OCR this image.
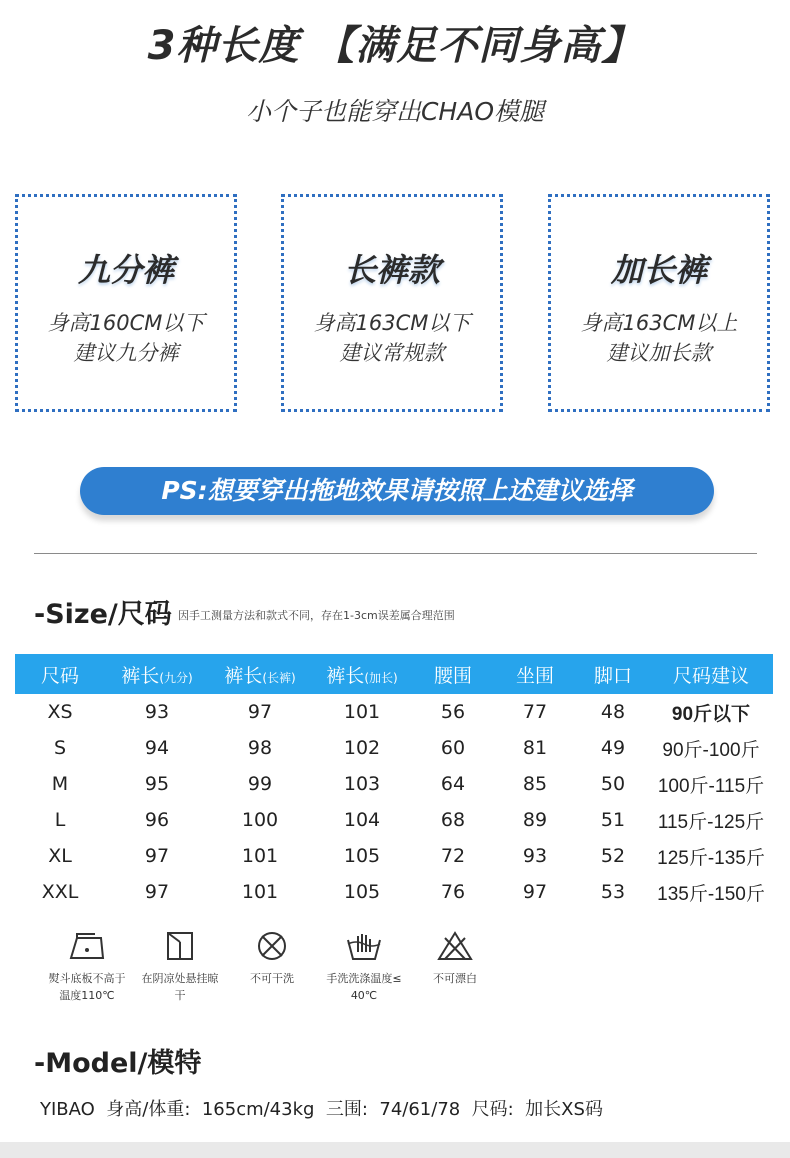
3种长度 【满足不同身高】
小个子也能穿出CHAO模腿
九分裤
身高160CM以下
建议九分裤
长裤款
身高163CM以下
建议常规款
加长裤
身高163CM以上
建议加长款
PS:想要穿出拖地效果请按照上述建议选择
-Size/尺码 因手工测量方法和款式不同，存在1-3cm误差属合理范围
尺码	裤长(九分)	裤长(长裤)	裤长(加长)	腰围	坐围	脚口	尺码建议
XS	93	97	101	56	77	48	90斤以下
S	94	98	102	60	81	49	90斤-100斤
M	95	99	103	64	85	50	100斤-115斤
L	96	100	104	68	89	51	115斤-125斤
XL	97	101	105	72	93	52	125斤-135斤
XXL	97	101	105	76	97	53	135斤-150斤
熨斗底板不高于
温度110℃
在阴凉处悬挂晾
干
不可干洗	手洗洗涤温度≤
40℃
不可漂白
-Model/模特
YIBAO  身高/体重:  165cm/43kg  三围:  74/61/78  尺码:  加长XS码
